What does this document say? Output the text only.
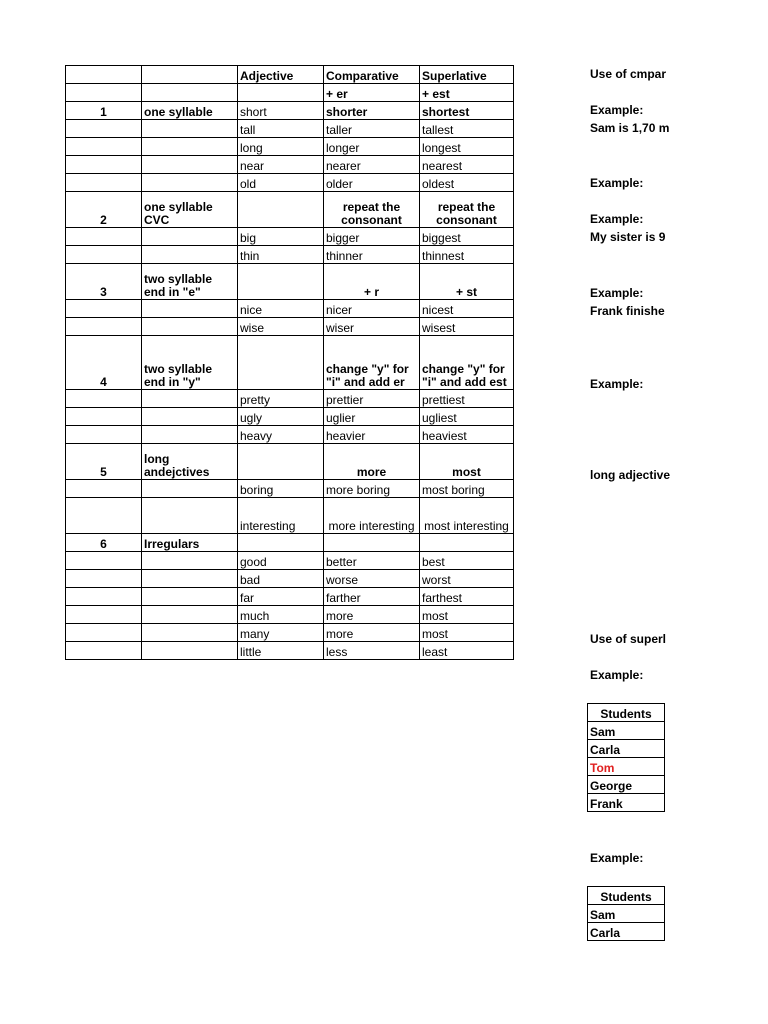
		Adjective	Comparative	Superlative
			+ er	+ est
1	one syllable	short	shorter	shortest
		tall	taller	tallest
		long	longer	longest
		near	nearer	nearest
		old	older	oldest
2	one syllable CVC		repeat the consonant	repeat the consonant
		big	bigger	biggest
		thin	thinner	thinnest
3	two syllable end in "e"		+ r	+ st
		nice	nicer	nicest
		wise	wiser	wisest
4	two syllable end in "y"		change "y" for "i" and add er	change "y" for "i" and add est
		pretty	prettier	prettiest
		ugly	uglier	ugliest
		heavy	heavier	heaviest
5	long andejctives		more	most
		boring	more boring	most boring
		interesting	more interesting	most interesting
6	Irregulars			
		good	better	best
		bad	worse	worst
		far	farther	farthest
		much	more	most
		many	more	most
		little	less	least
Use of cmpar
Example:
Sam is 1,70 m
Example:
Example:
My sister is 9
Example:
Frank finishe
Example:
long adjective
Use of superl
Example:
Example:
Students
Sam
Carla
Tom
George
Frank
Students
Sam
Carla
